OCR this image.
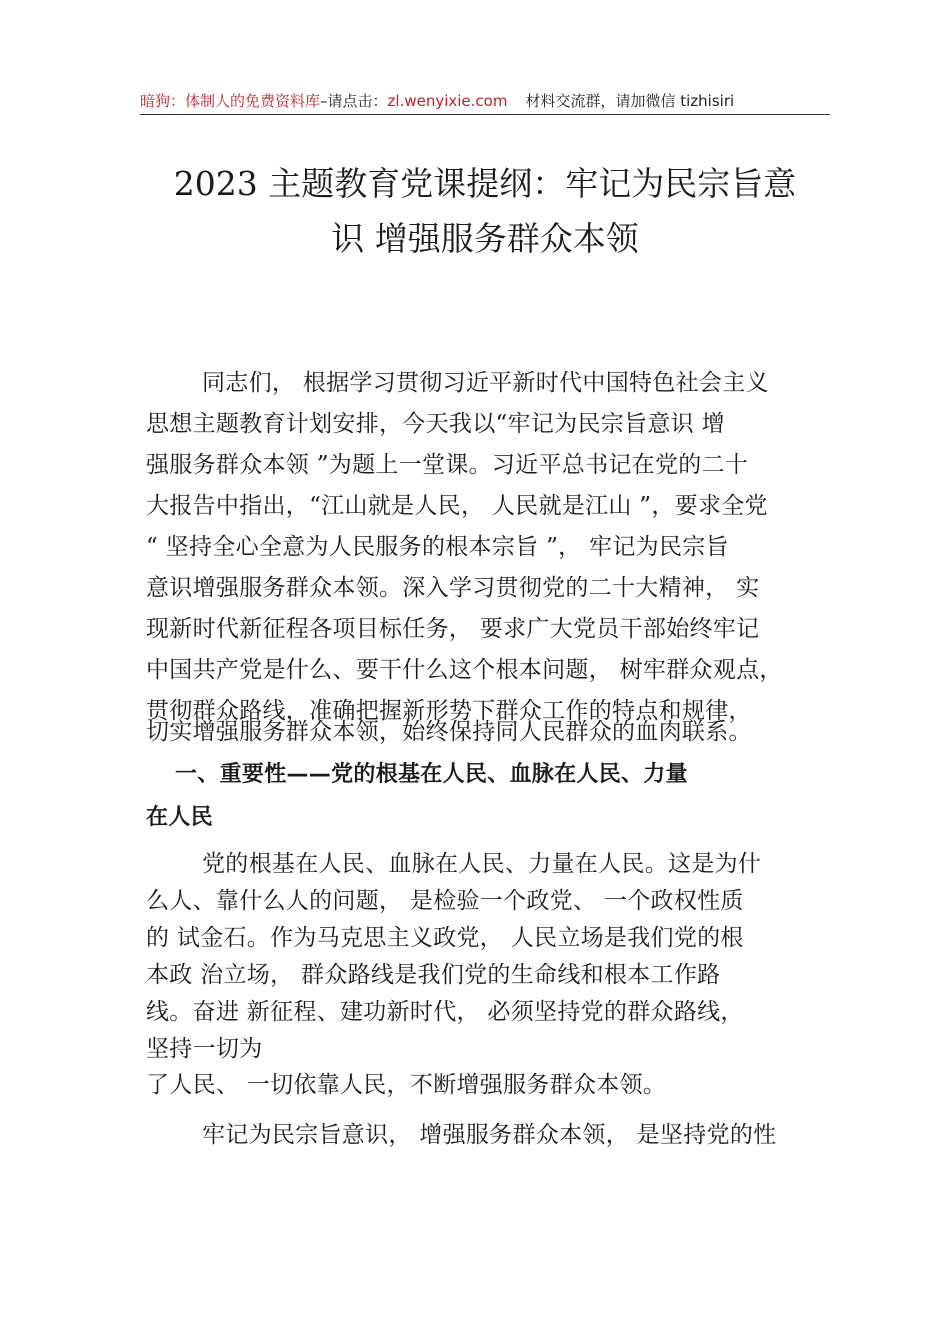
暗狗：体制人的免费资料库–请点击：zl.wenyixie.com 材料交流群，请加微信 tizhisiri
2023 主题教育党课提纲：牢记为民宗旨意
识 增强服务群众本领
同志们， 根据学习贯彻习近平新时代中国特色社会主义
思想主题教育计划安排，今天我以“牢记为民宗旨意识 增
强服务群众本领 ”为题上一堂课。习近平总书记在党的二十
大报告中指出，“江山就是人民， 人民就是江山 ”，要求全党
“ 坚持全心全意为人民服务的根本宗旨 ”， 牢记为民宗旨
意识增强服务群众本领。深入学习贯彻党的二十大精神， 实
现新时代新征程各项目标任务， 要求广大党员干部始终牢记
中国共产党是什么、要干什么这个根本问题， 树牢群众观点，
贯彻群众路线，准确把握新形势下群众工作的特点和规律，
切实增强服务群众本领，始终保持同人民群众的血肉联系。
一、重要性——党的根基在人民、血脉在人民、力量
在人民
党的根基在人民、血脉在人民、力量在人民。这是为什
么人、靠什么人的问题， 是检验一个政党、 一个政权性质
的 试金石。作为马克思主义政党， 人民立场是我们党的根
本政 治立场， 群众路线是我们党的生命线和根本工作路
线。奋进 新征程、建功新时代， 必须坚持党的群众路线，
坚持一切为
了人民、 一切依靠人民，不断增强服务群众本领。
牢记为民宗旨意识， 增强服务群众本领， 是坚持党的性
